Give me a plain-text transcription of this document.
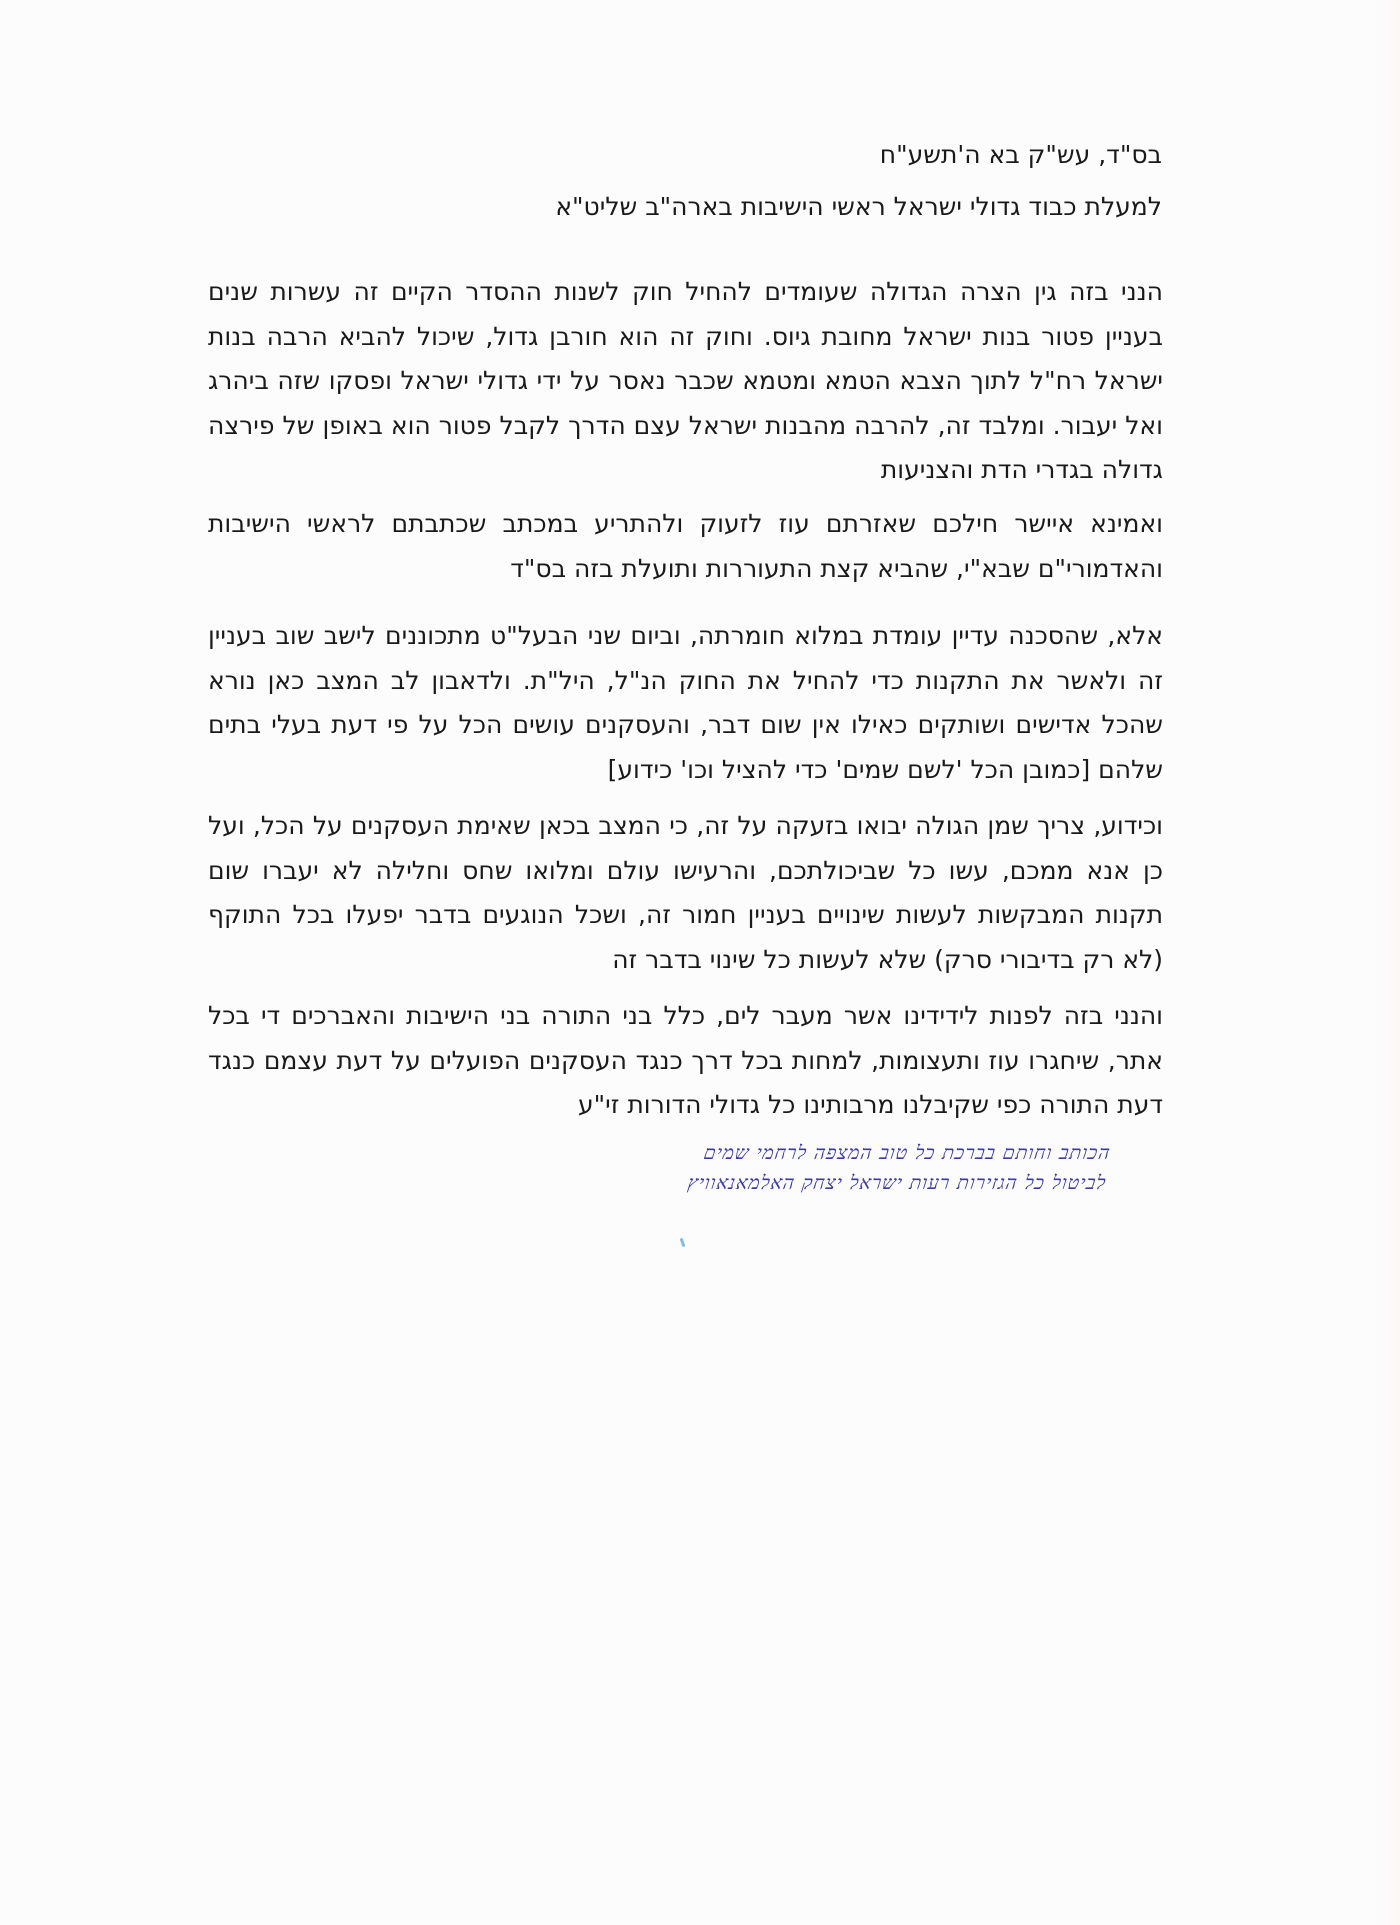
בס"ד, עש"ק בא ה'תשע"ח
למעלת כבוד גדולי ישראל ראשי הישיבות בארה"ב שליט"א

הנני בזה גין הצרה הגדולה שעומדים להחיל חוק לשנות ההסדר הקיים זה עשרות שנים בעניין פטור בנות ישראל מחובת גיוס. וחוק זה הוא חורבן גדול, שיכול להביא הרבה בנות ישראל רח"ל לתוך הצבא הטמא ומטמא שכבר נאסר על ידי גדולי ישראל ופסקו שזה ביהרג ואל יעבור. ומלבד זה, להרבה מהבנות ישראל עצם הדרך לקבל פטור הוא באופן של פירצה גדולה בגדרי הדת והצניעות

ואמינא איישר חילכם שאזרתם עוז לזעוק ולהתריע במכתב שכתבתם לראשי הישיבות והאדמורי"ם שבא"י, שהביא קצת התעוררות ותועלת בזה בס"ד

אלא, שהסכנה עדיין עומדת במלוא חומרתה, וביום שני הבעל"ט מתכוננים לישב שוב בעניין זה ולאשר את התקנות כדי להחיל את החוק הנ"ל, היל"ת. ולדאבון לב המצב כאן נורא שהכל אדישים ושותקים כאילו אין שום דבר, והעסקנים עושים הכל על פי דעת בעלי בתים שלהם [כמובן הכל 'לשם שמים' כדי להציל וכו' כידוע]

וכידוע, צריך שמן הגולה יבואו בזעקה על זה, כי המצב בכאן שאימת העסקנים על הכל, ועל כן אנא ממכם, עשו כל שביכולתכם, והרעישו עולם ומלואו שחס וחלילה לא יעברו שום תקנות המבקשות לעשות שינויים בעניין חמור זה, ושכל הנוגעים בדבר יפעלו בכל התוקף (לא רק בדיבורי סרק) שלא לעשות כל שינוי בדבר זה

והנני בזה לפנות לידידינו אשר מעבר לים, כלל בני התורה בני הישיבות והאברכים די בכל אתר, שיחגרו עוז ותעצומות, למחות בכל דרך כנגד העסקנים הפועלים על דעת עצמם כנגד דעת התורה כפי שקיבלנו מרבותינו כל גדולי הדורות זי"ע

הכותב וחותם בברכת כל טוב המצפה לרחמי שמים
לביטול כל הגזירות רעות ישראל יצחק האלמאנאוויץ
